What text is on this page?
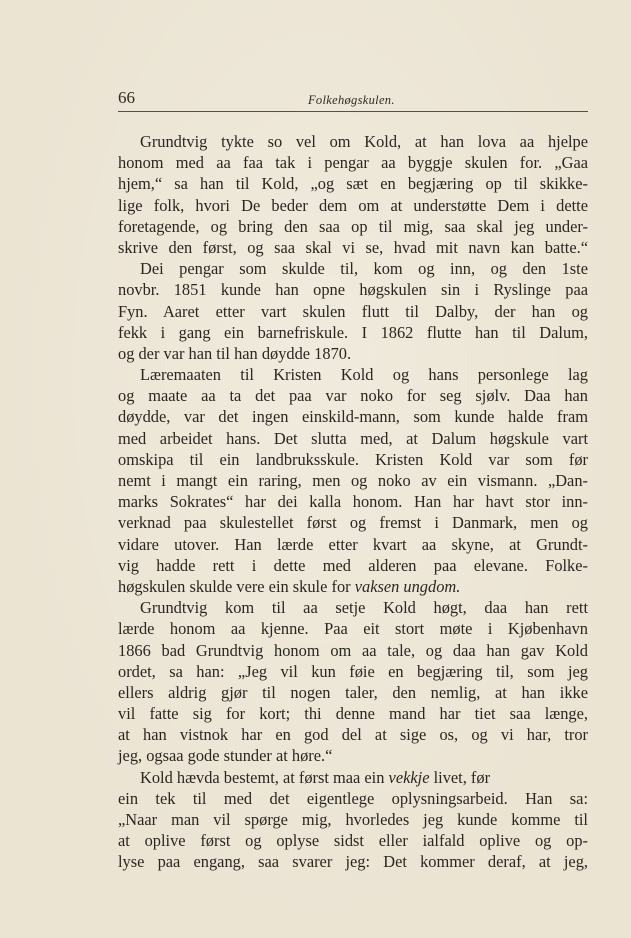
66	Folkehøgskulen.
Grundtvig tykte so vel om Kold, at han lova aa hjelpe
honom med aa faa tak i pengar aa byggje skulen for. „Gaa
hjem,“ sa han til Kold, „og sæt en begjæring op til skikke-
lige folk, hvori De beder dem om at understøtte Dem i dette
foretagende, og bring den saa op til mig, saa skal jeg under-
skrive den først, og saa skal vi se, hvad mit navn kan batte.“
Dei pengar som skulde til, kom og inn, og den 1ste
novbr. 1851 kunde han opne høgskulen sin i Ryslinge paa
Fyn. Aaret etter vart skulen flutt til Dalby, der han og
fekk i gang ein barnefriskule. I 1862 flutte han til Dalum,
og der var han til han døydde 1870.
Læremaaten til Kristen Kold og hans personlege lag
og maate aa ta det paa var noko for seg sjølv. Daa han
døydde, var det ingen einskild-mann, som kunde halde fram
med arbeidet hans. Det slutta med, at Dalum høgskule vart
omskipa til ein landbruksskule. Kristen Kold var som før
nemt i mangt ein raring, men og noko av ein vismann. „Dan-
marks Sokrates“ har dei kalla honom. Han har havt stor inn-
verknad paa skulestellet først og fremst i Danmark, men og
vidare utover. Han lærde etter kvart aa skyne, at Grundt-
vig hadde rett i dette med alderen paa elevane. Folke-
høgskulen skulde vere ein skule for vaksen ungdom.
Grundtvig kom til aa setje Kold høgt, daa han rett
lærde honom aa kjenne. Paa eit stort møte i Kjøbenhavn
1866 bad Grundtvig honom om aa tale, og daa han gav Kold
ordet, sa han: „Jeg vil kun føie en begjæring til, som jeg
ellers aldrig gjør til nogen taler, den nemlig, at han ikke
vil fatte sig for kort; thi denne mand har tiet saa længe,
at han vistnok har en god del at sige os, og vi har, tror
jeg, ogsaa gode stunder at høre.“
Kold hævda bestemt, at først maa ein vekkje livet, før
ein tek til med det eigentlege oplysningsarbeid. Han sa:
„Naar man vil spørge mig, hvorledes jeg kunde komme til
at oplive først og oplyse sidst eller ialfald oplive og op-
lyse paa engang, saa svarer jeg: Det kommer deraf, at jeg,
